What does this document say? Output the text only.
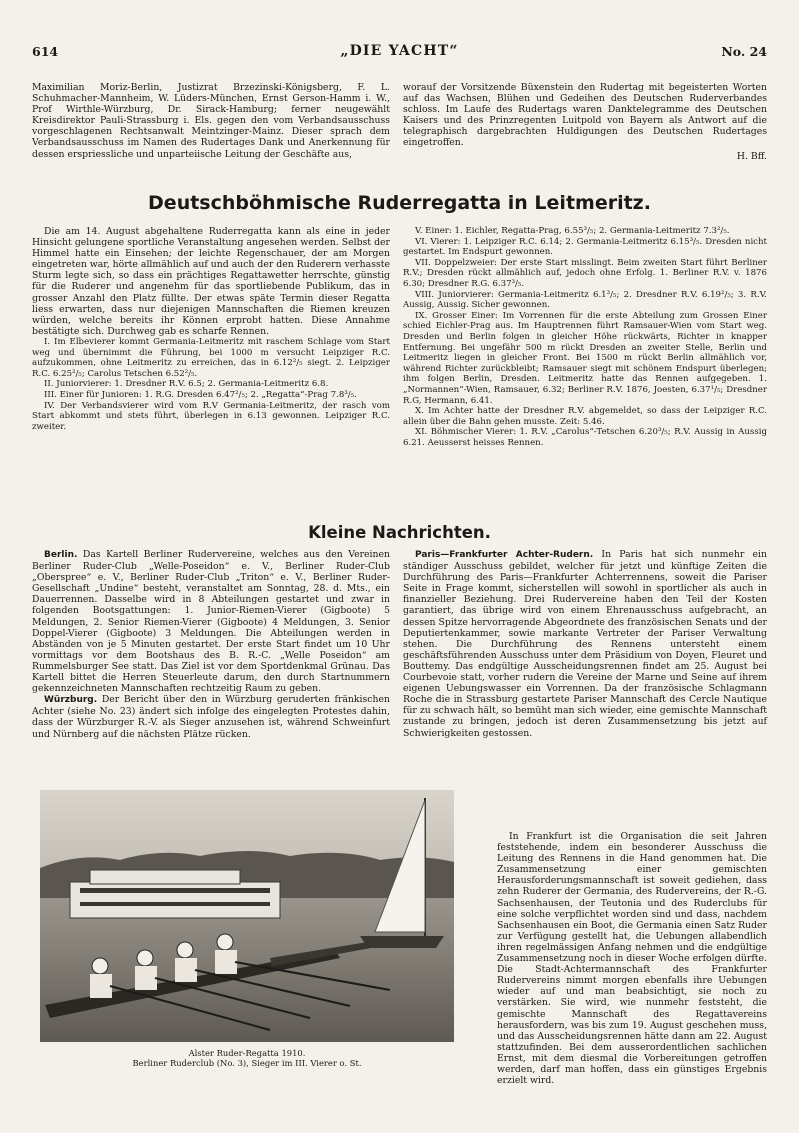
614	„DIE YACHT“	No. 24

Maximilian Moriz-Berlin, Justizrat Brzezinski-Königsberg, F. L. Schuhmacher-Mannheim, W. Lüders-München, Ernst Gerson-Hamm i. W., Prof Wirthle-Würzburg, Dr. Sirack-Hamburg; ferner neugewählt Kreisdirektor Pauli-Strassburg i. Els. gegen den vom Verbandsausschuss vorgeschlagenen Rechtsanwalt Meintzinger-Mainz. Dieser sprach dem Verbandsausschuss im Namen des Rudertages Dank und Anerkennung für dessen erspriessliche und unparteiische Leitung der Geschäfte aus,

worauf der Vorsitzende Büxenstein den Rudertag mit begeisterten Worten auf das Wachsen, Blühen und Gedeihen des Deutschen Ruderverbandes schloss. Im Laufe des Rudertags waren Danktelegramme des Deutschen Kaisers und des Prinzregenten Luitpold von Bayern als Antwort auf die telegraphisch dargebrachten Huldigungen des Deutschen Rudertages eingetroffen.

H. Bff.

Deutschböhmische Ruderregatta in Leitmeritz.

Die am 14. August abgehaltene Ruderregatta kann als eine in jeder Hinsicht gelungene sportliche Veranstaltung angesehen werden. Selbst der Himmel hatte ein Einsehen; der leichte Regenschauer, der am Morgen eingetreten war, hörte allmählich auf und auch der den Ruderern verhasste Sturm legte sich, so dass ein prächtiges Regattawetter herrschte, günstig für die Ruderer und angenehm für das sportliebende Publikum, das in grosser Anzahl den Platz füllte. Der etwas späte Termin dieser Regatta liess erwarten, dass nur diejenigen Mannschaften die Riemen kreuzen würden, welche bereits ihr Können erprobt hatten. Diese Annahme bestätigte sich. Durchweg gab es scharfe Rennen.

I. Im Elbevierer kommt Germania-Leitmeritz mit raschem Schlage vom Start weg und übernimmt die Führung, bei 1000 m versucht Leipziger R.C. aufzukommen, ohne Leitmeritz zu erreichen, das in 6.12²/₅ siegt. 2. Leipziger R.C. 6.25²/₅; Carolus Tetschen 6.52²/₅.

II. Juniorvierer: 1. Dresdner R.V. 6.5; 2. Germania-Leitmeritz 6.8.

III. Einer für Junioren: 1. R.G. Dresden 6.47²/₅; 2. „Regatta“-Prag 7.8³/₅.

IV. Der Verbandsvierer wird vom R.V Germania-Leitmeritz, der rasch vom Start abkommt und stets führt, überlegen in 6.13 gewonnen. Leipziger R.C. zweiter.

V. Einer: 1. Eichler, Regatta-Prag, 6.55³/₅; 2. Germania-Leitmeritz 7.3²/₅.

VI. Vierer: 1. Leipziger R.C. 6.14; 2. Germania-Leitmeritz 6.15³/₅. Dresden nicht gestartet. Im Endspurt gewonnen.

VII. Doppelzweier: Der erste Start misslingt. Beim zweiten Start führt Berliner R.V.; Dresden rückt allmählich auf, jedoch ohne Erfolg. 1. Berliner R.V. v. 1876 6.30; Dresdner R.G. 6.37³/₅.

VIII. Juniorvierer: Germania-Leitmeritz 6.1³/₅; 2. Dresdner R.V. 6.19²/₅; 3. R.V. Aussig, Aussig. Sicher gewonnen.

IX. Grosser Einer: Im Vorrennen für die erste Abteilung zum Grossen Einer schied Eichler-Prag aus. Im Hauptrennen führt Ramsauer-Wien vom Start weg. Dresden und Berlin folgen in gleicher Höhe rückwärts, Richter in knapper Entfernung. Bei ungefähr 500 m rückt Dresden an zweiter Stelle, Berlin und Leitmeritz liegen in gleicher Front. Bei 1500 m rückt Berlin allmählich vor, während Richter zurückbleibt; Ramsauer siegt mit schönem Endspurt überlegen; ihm folgen Berlin, Dresden. Leitmeritz hatte das Rennen aufgegeben. 1. „Normannen“-Wien, Ramsauer, 6.32; Berliner R.V. 1876, Joesten, 6.37¹/₅; Dresdner R.G, Hermann, 6.41.

X. Im Achter hatte der Dresdner R.V. abgemeldet, so dass der Leipziger R.C. allein über die Bahn gehen musste. Zeit: 5.46.

XI. Böhmischer Vierer: 1. R.V. „Carolus“-Tetschen 6.20³/₅; R.V. Aussig in Aussig 6.21. Aeusserst heisses Rennen.

Kleine Nachrichten.

Berlin. Das Kartell Berliner Rudervereine, welches aus den Vereinen Berliner Ruder-Club „Welle-Poseidon“ e. V., Berliner Ruder-Club „Oberspree“ e. V., Berliner Ruder-Club „Triton“ e. V., Berliner Ruder-Gesellschaft „Undine“ besteht, veranstaltet am Sonntag, 28. d. Mts., ein Dauerrennen. Dasselbe wird in 8 Abteilungen gestartet und zwar in folgenden Bootsgattungen: 1. Junior-Riemen-Vierer (Gigboote) 5 Meldungen, 2. Senior Riemen-Vierer (Gigboote) 4 Meldungen, 3. Senior Doppel-Vierer (Gigboote) 3 Meldungen. Die Abteilungen werden in Abständen von je 5 Minuten gestartet. Der erste Start findet um 10 Uhr vormittags vor dem Bootshaus des B. R.-C. „Welle Poseidon“ am Rummelsburger See statt. Das Ziel ist vor dem Sportdenkmal Grünau. Das Kartell bittet die Herren Steuerleute darum, den durch Startnummern gekennzeichneten Mannschaften rechtzeitig Raum zu geben.

Würzburg. Der Bericht über den in Würzburg geruderten fränkischen Achter (siehe No. 23) ändert sich infolge des eingelegten Protestes dahin, dass der Würzburger R.-V. als Sieger anzusehen ist, während Schweinfurt und Nürnberg auf die nächsten Plätze rücken.

Alster Ruder-Regatta 1910.
Berliner Ruderclub (No. 3), Sieger im III. Vierer o. St.

Paris—Frankfurter Achter-Rudern. In Paris hat sich nunmehr ein ständiger Ausschuss gebildet, welcher für jetzt und künftige Zeiten die Durchführung des Paris—Frankfurter Achterrennens, soweit die Pariser Seite in Frage kommt, sicherstellen will sowohl in sportlicher als auch in finanzieller Beziehung. Drei Rudervereine haben den Teil der Kosten garantiert, das übrige wird von einem Ehrenausschuss aufgebracht, an dessen Spitze hervorragende Abgeordnete des französischen Senats und der Deputiertenkammer, sowie markante Vertreter der Pariser Verwaltung stehen. Die Durchführung des Rennens untersteht einem geschäftsführenden Ausschuss unter dem Präsidium von Doyen, Fleuret und Bouttemy. Das endgültige Ausscheidungsrennen findet am 25. August bei Courbevoie statt, vorher rudern die Vereine der Marne und Seine auf ihrem eigenen Uebungswasser ein Vorrennen. Da der französische Schlagmann Roche die in Strassburg gestartete Pariser Mannschaft des Cercle Nautique für zu schwach hält, so bemüht man sich wieder, eine gemischte Mannschaft zustande zu bringen, jedoch ist deren Zusammensetzung bis jetzt auf Schwierigkeiten gestossen.

In Frankfurt ist die Organisation die seit Jahren feststehende, indem ein besonderer Ausschuss die Leitung des Rennens in die Hand genommen hat. Die Zusammensetzung einer gemischten Herausforderungsmannschaft ist soweit gediehen, dass zehn Ruderer der Germania, des Rudervereins, der R.-G. Sachsenhausen, der Teutonia und des Ruderclubs für eine solche verpflichtet worden sind und dass, nachdem Sachsenhausen ein Boot, die Germania einen Satz Ruder zur Verfügung gestellt hat, die Uebungen allabendlich ihren regelmässigen Anfang nehmen und die endgültige Zusammensetzung noch in dieser Woche erfolgen dürfte. Die Stadt-Achtermannschaft des Frankfurter Rudervereins nimmt morgen ebenfalls ihre Uebungen wieder auf und man beabsichtigt, sie noch zu verstärken. Sie wird, wie nunmehr feststeht, die gemischte Mannschaft des Regattavereins herausfordern, was bis zum 19. August geschehen muss, und das Ausscheidungsrennen hätte dann am 22. August stattzufinden. Bei dem ausserordentlichen sachlichen Ernst, mit dem diesmal die Vorbereitungen getroffen werden, darf man hoffen, dass ein günstiges Ergebnis erzielt wird.
